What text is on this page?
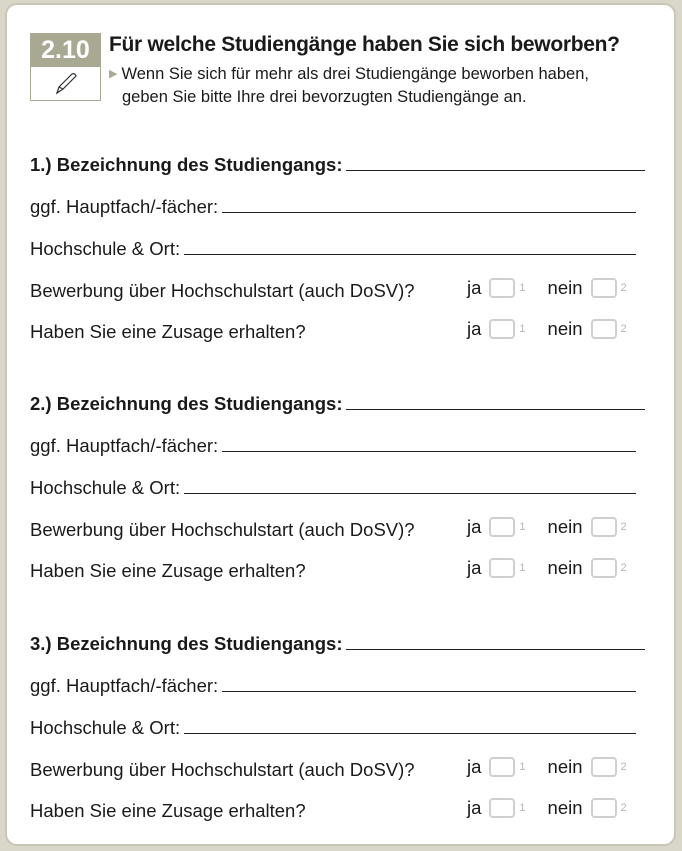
2.10 Für welche Studiengänge haben Sie sich beworben?
▶ Wenn Sie sich für mehr als drei Studiengänge beworben haben,
geben Sie bitte Ihre drei bevorzugten Studiengänge an.
1.) Bezeichnung des Studiengangs:
ggf. Hauptfach/-fächer:
Hochschule & Ort:
Bewerbung über Hochschulstart (auch DoSV)?	ja	1 nein	2
Haben Sie eine Zusage erhalten?	ja	1 nein	2
2.) Bezeichnung des Studiengangs:
ggf. Hauptfach/-fächer:
Hochschule & Ort:
Bewerbung über Hochschulstart (auch DoSV)?	ja	1 nein	2
Haben Sie eine Zusage erhalten?	ja	1 nein	2
3.) Bezeichnung des Studiengangs:
ggf. Hauptfach/-fächer:
Hochschule & Ort:
Bewerbung über Hochschulstart (auch DoSV)?	ja	1 nein	2
Haben Sie eine Zusage erhalten?	ja	1 nein	2
